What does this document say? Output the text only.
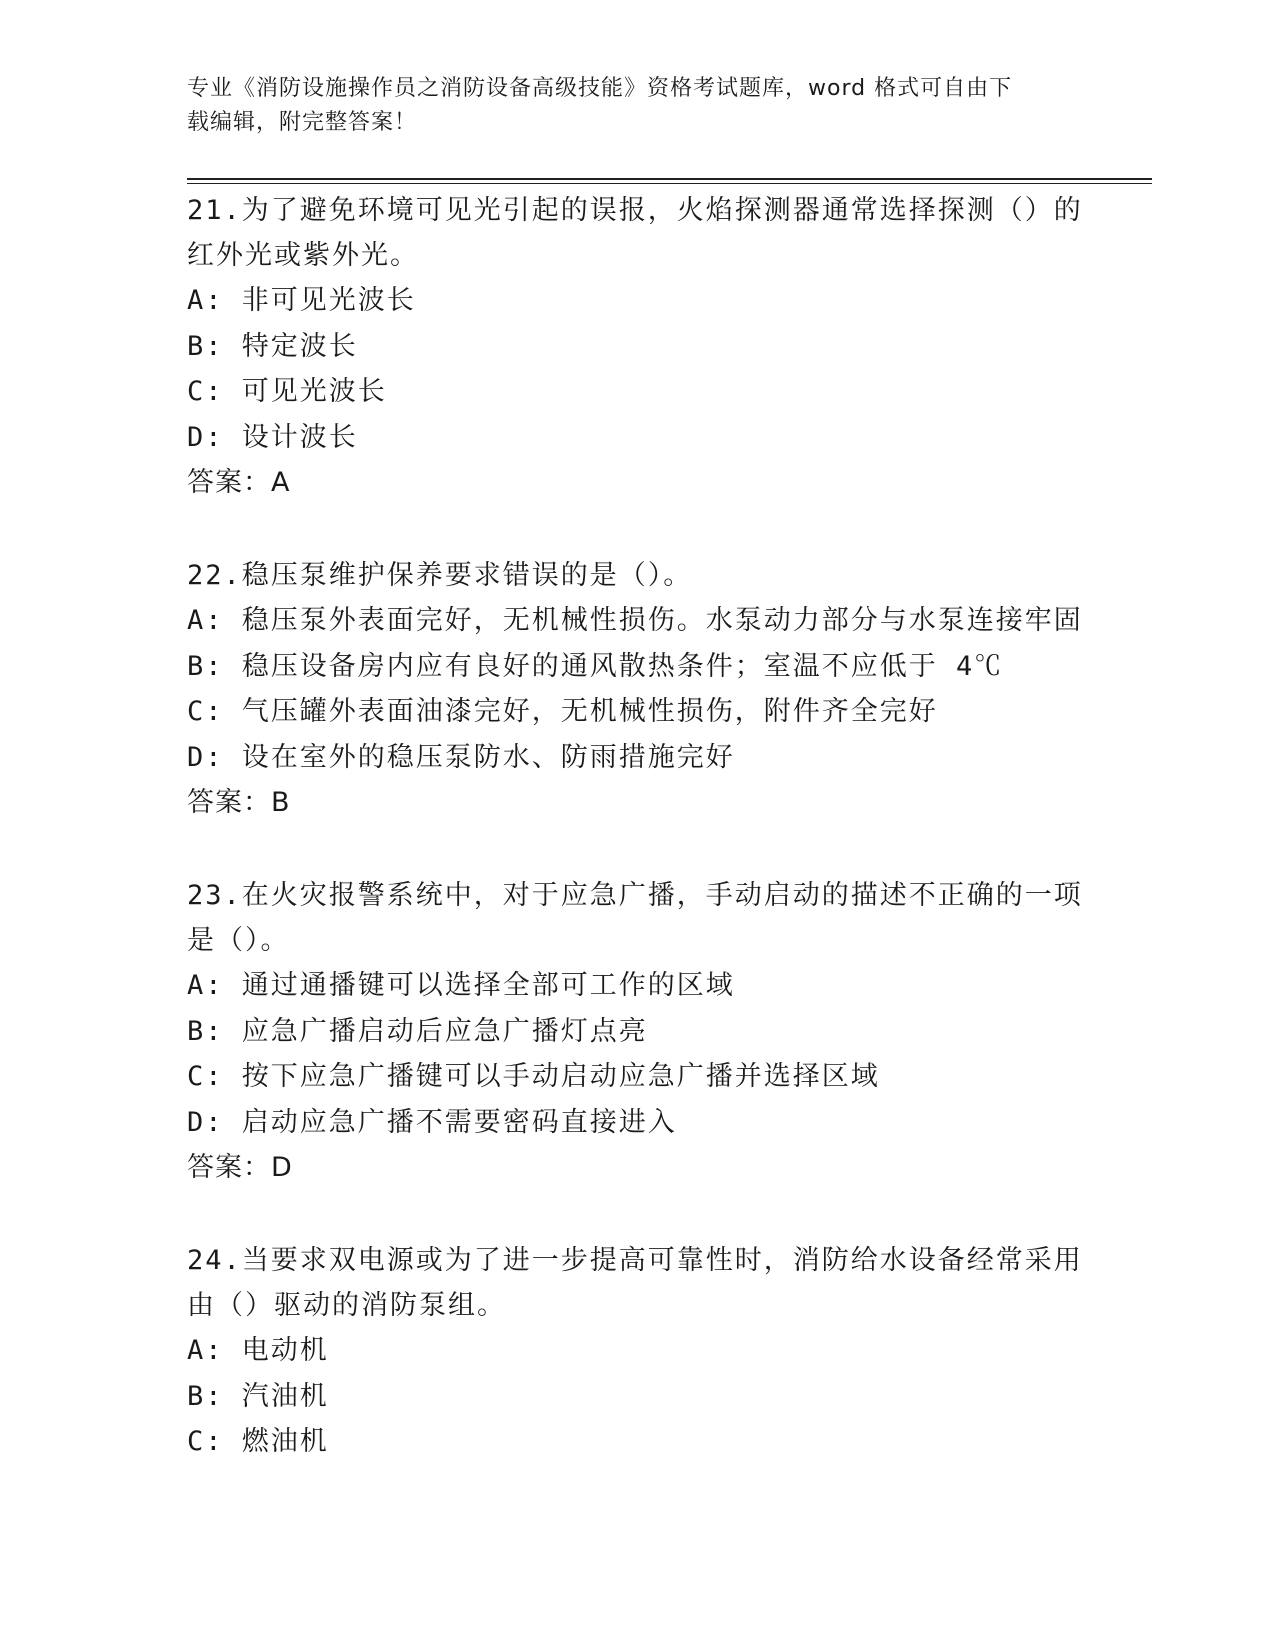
专业《消防设施操作员之消防设备高级技能》资格考试题库，word 格式可自由下
载编辑，附完整答案！
21.为了避免环境可见光引起的误报，火焰探测器通常选择探测（）的
红外光或紫外光。
A: 非可见光波长
B: 特定波长
C: 可见光波长
D: 设计波长
答案：A
22.稳压泵维护保养要求错误的是（）。
A: 稳压泵外表面完好，无机械性损伤。水泵动力部分与水泵连接牢固
B: 稳压设备房内应有良好的通风散热条件；室温不应低于 4℃
C: 气压罐外表面油漆完好，无机械性损伤，附件齐全完好
D: 设在室外的稳压泵防水、防雨措施完好
答案：B
23.在火灾报警系统中，对于应急广播，手动启动的描述不正确的一项
是（）。
A: 通过通播键可以选择全部可工作的区域
B: 应急广播启动后应急广播灯点亮
C: 按下应急广播键可以手动启动应急广播并选择区域
D: 启动应急广播不需要密码直接进入
答案：D
24.当要求双电源或为了进一步提高可靠性时，消防给水设备经常采用
由（）驱动的消防泵组。
A: 电动机
B: 汽油机
C: 燃油机
